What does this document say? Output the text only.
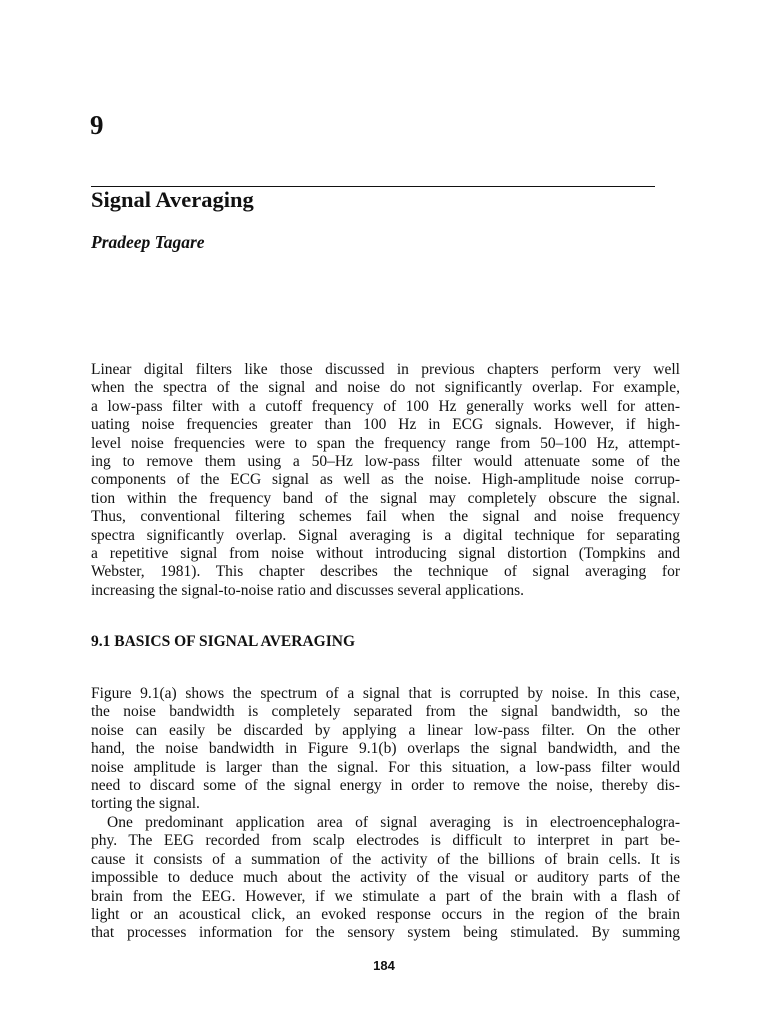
9
Signal Averaging
Pradeep Tagare
Linear digital filters like those discussed in previous chapters perform very well
when the spectra of the signal and noise do not significantly overlap. For example,
a low-pass filter with a cutoff frequency of 100 Hz generally works well for atten-
uating noise frequencies greater than 100 Hz in ECG signals. However, if high-
level noise frequencies were to span the frequency range from 50–100 Hz, attempt-
ing to remove them using a 50–Hz low-pass filter would attenuate some of the
components of the ECG signal as well as the noise. High-amplitude noise corrup-
tion within the frequency band of the signal may completely obscure the signal.
Thus, conventional filtering schemes fail when the signal and noise frequency
spectra significantly overlap. Signal averaging is a digital technique for separating
a repetitive signal from noise without introducing signal distortion (Tompkins and
Webster, 1981). This chapter describes the technique of signal averaging for
increasing the signal-to-noise ratio and discusses several applications.
9.1 BASICS OF SIGNAL AVERAGING
Figure 9.1(a) shows the spectrum of a signal that is corrupted by noise. In this case,
the noise bandwidth is completely separated from the signal bandwidth, so the
noise can easily be discarded by applying a linear low-pass filter. On the other
hand, the noise bandwidth in Figure 9.1(b) overlaps the signal bandwidth, and the
noise amplitude is larger than the signal. For this situation, a low-pass filter would
need to discard some of the signal energy in order to remove the noise, thereby dis-
torting the signal.
One predominant application area of signal averaging is in electroencephalogra-
phy. The EEG recorded from scalp electrodes is difficult to interpret in part be-
cause it consists of a summation of the activity of the billions of brain cells. It is
impossible to deduce much about the activity of the visual or auditory parts of the
brain from the EEG. However, if we stimulate a part of the brain with a flash of
light or an acoustical click, an evoked response occurs in the region of the brain
that processes information for the sensory system being stimulated. By summing
184
